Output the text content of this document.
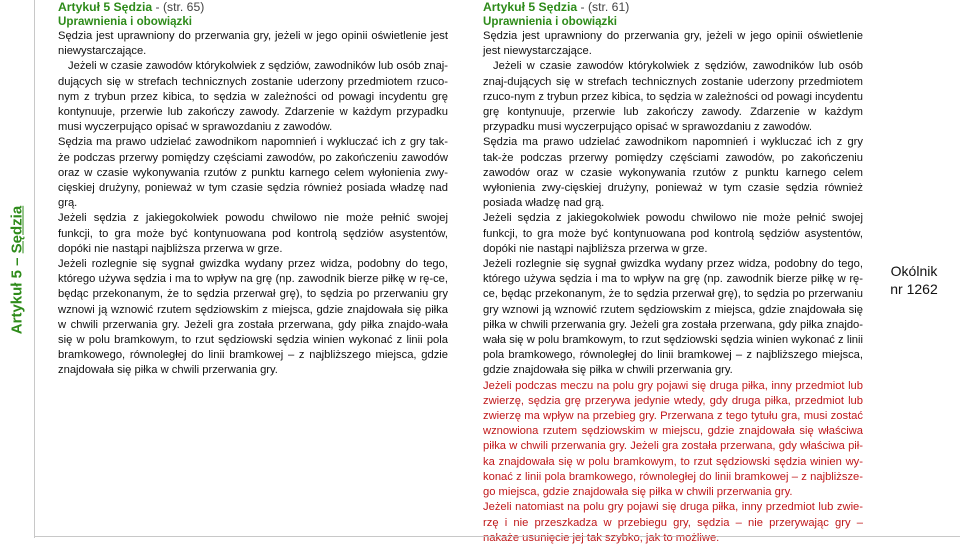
Artykuł 5 – Sędzia
Artykuł 5 Sędzia - (str. 65)
Uprawnienia i obowiązki

Sędzia jest uprawniony do przerwania gry, jeżeli w jego opinii oświetlenie jest niewystarczające.

Jeżeli w czasie zawodów którykolwiek z sędziów, zawodników lub osób znaj-dujących się w strefach technicznych zostanie uderzony przedmiotem rzuco-nym z trybun przez kibica, to sędzia w zależności od powagi incydentu grę kontynuuje, przerwie lub zakończy zawody. Zdarzenie w każdym przypadku musi wyczerpująco opisać w sprawozdaniu z zawodów.

Sędzia ma prawo udzielać zawodnikom napomnień i wykluczać ich z gry tak-że podczas przerwy pomiędzy częściami zawodów, po zakończeniu zawodów oraz w czasie wykonywania rzutów z punktu karnego celem wyłonienia zwy-cięskiej drużyny, ponieważ w tym czasie sędzia również posiada władzę nad grą.

Jeżeli sędzia z jakiegokolwiek powodu chwilowo nie może pełnić swojej funkcji, to gra może być kontynuowana pod kontrolą sędziów asystentów, dopóki nie nastąpi najbliższa przerwa w grze.

Jeżeli rozlegnie się sygnał gwizdka wydany przez widza, podobny do tego, którego używa sędzia i ma to wpływ na grę (np. zawodnik bierze piłkę w rę-ce, będąc przekonanym, że to sędzia przerwał grę), to sędzia po przerwaniu gry wznowi ją wznowić rzutem sędziowskim z miejsca, gdzie znajdowała się piłka w chwili przerwania gry. Jeżeli gra została przerwana, gdy piłka znajdo-wała się w polu bramkowym, to rzut sędziowski sędzia winien wykonać z linii pola bramkowego, równoległej do linii bramkowej – z najbliższego miejsca, gdzie znajdowała się piłka w chwili przerwania gry.

Artykuł 5 Sędzia - (str. 61)
Uprawnienia i obowiązki

Sędzia jest uprawniony do przerwania gry, jeżeli w jego opinii oświetlenie jest niewystarczające.

Jeżeli w czasie zawodów którykolwiek z sędziów, zawodników lub osób znaj-dujących się w strefach technicznych zostanie uderzony przedmiotem rzuco-nym z trybun przez kibica, to sędzia w zależności od powagi incydentu grę kontynuuje, przerwie lub zakończy zawody. Zdarzenie w każdym przypadku musi wyczerpująco opisać w sprawozdaniu z zawodów.

Sędzia ma prawo udzielać zawodnikom napomnień i wykluczać ich z gry tak-że podczas przerwy pomiędzy częściami zawodów, po zakończeniu zawodów oraz w czasie wykonywania rzutów z punktu karnego celem wyłonienia zwy-cięskiej drużyny, ponieważ w tym czasie sędzia również posiada władzę nad grą.

Jeżeli sędzia z jakiegokolwiek powodu chwilowo nie może pełnić swojej funkcji, to gra może być kontynuowana pod kontrolą sędziów asystentów, dopóki nie nastąpi najbliższa przerwa w grze.

Jeżeli rozlegnie się sygnał gwizdka wydany przez widza, podobny do tego, którego używa sędzia i ma to wpływ na grę (np. zawodnik bierze piłkę w rę-ce, będąc przekonanym, że to sędzia przerwał grę), to sędzia po przerwaniu gry wznowi ją wznowić rzutem sędziowskim z miejsca, gdzie znajdowała się piłka w chwili przerwania gry. Jeżeli gra została przerwana, gdy piłka znajdo-wała się w polu bramkowym, to rzut sędziowski sędzia winien wykonać z linii pola bramkowego, równoległej do linii bramkowej – z najbliższego miejsca, gdzie znajdowała się piłka w chwili przerwania gry.

Jeżeli podczas meczu na polu gry pojawi się druga piłka, inny przedmiot lub zwierzę, sędzia grę przerywa jedynie wtedy, gdy druga piłka, przedmiot lub zwierzę ma wpływ na przebieg gry. Przerwana z tego tytułu gra, musi zostać wznowiona rzutem sędziowskim w miejscu, gdzie znajdowała się właściwa piłka w chwili przerwania gry. Jeżeli gra została przerwana, gdy właściwa pił-ka znajdowała się w polu bramkowym, to rzut sędziowski sędzia winien wy-konać z linii pola bramkowego, równoległej do linii bramkowej – z najbliższe-go miejsca, gdzie znajdowała się piłka w chwili przerwania gry.

Jeżeli natomiast na polu gry pojawi się druga piłka, inny przedmiot lub zwie-rzę i nie przeszkadza w przebiegu gry, sędzia – nie przerywając gry – nakaże usunięcie jej tak szybko, jak to możliwe.

Okólnik
nr 1262
